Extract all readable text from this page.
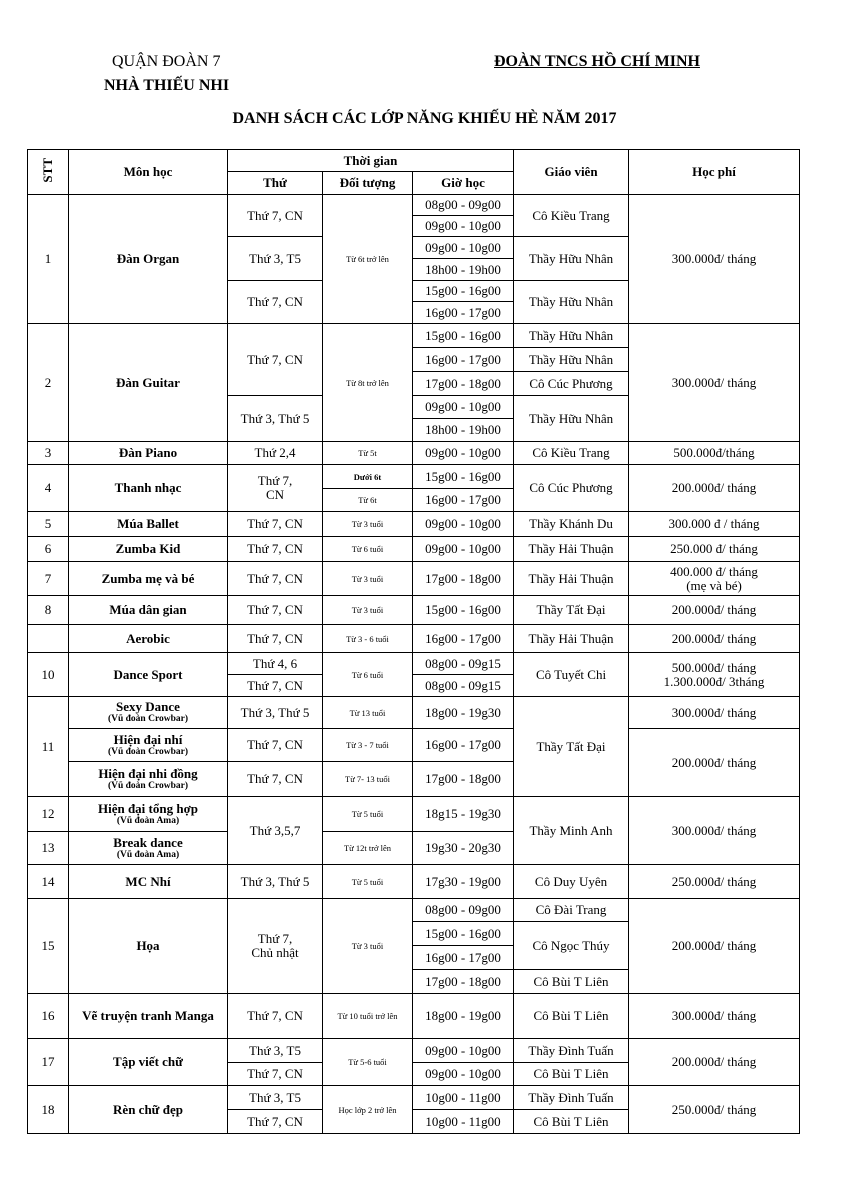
QUẬN ĐOÀN 7
NHÀ THIẾU NHI
ĐOÀN TNCS HỒ CHÍ MINH
DANH SÁCH CÁC LỚP NĂNG KHIẾU HÈ NĂM 2017
STT	Môn học	Thời gian			Giáo viên	Học phí
		Thứ	Đối tượng	Giờ học		
1	Đàn Organ	Thứ 7, CN	Từ 6t trở lên	08g00 - 09g00	Cô Kiều Trang	300.000đ/ tháng
				09g00 - 10g00		
		Thứ 3, T5		09g00 - 10g00	Thầy Hữu Nhân	
				18h00 - 19h00		
		Thứ 7, CN		15g00 - 16g00	Thầy Hữu Nhân	
				16g00 - 17g00		
2	Đàn Guitar	Thứ 7, CN	Từ 8t trở lên	15g00 - 16g00	Thầy Hữu Nhân	300.000đ/ tháng
				16g00 - 17g00	Thầy Hữu Nhân	
				17g00 - 18g00	Cô Cúc Phương	
		Thứ 3, Thứ 5		09g00 - 10g00	Thầy Hữu Nhân	
				18h00 - 19h00		
3	Đàn Piano	Thứ 2,4	Từ 5t	09g00 - 10g00	Cô Kiều Trang	500.000đ/tháng
4	Thanh nhạc	Thứ 7,
CN	Dưới 6t	15g00 - 16g00	Cô Cúc Phương	200.000đ/ tháng
			Từ 6t	16g00 - 17g00		
5	Múa Ballet	Thứ 7, CN	Từ 3 tuổi	09g00 - 10g00	Thầy Khánh Du	300.000 đ / tháng
6	Zumba Kid	Thứ 7, CN	Từ 6 tuổi	09g00 - 10g00	Thầy Hải Thuận	250.000 đ/ tháng
7	Zumba mẹ và bé	Thứ 7, CN	Từ 3 tuổi	17g00 - 18g00	Thầy Hải Thuận	400.000 đ/ tháng
(mẹ và bé)
8	Múa dân gian	Thứ 7, CN	Từ 3 tuổi	15g00 - 16g00	Thầy Tất Đại	200.000đ/ tháng
	Aerobic	Thứ 7, CN	Từ 3 - 6 tuổi	16g00 - 17g00	Thầy Hải Thuận	200.000đ/ tháng
10	Dance Sport	Thứ 4, 6	Từ 6 tuổi	08g00 - 09g15	Cô Tuyết Chi	500.000đ/ tháng
1.300.000đ/ 3tháng
		Thứ 7, CN		08g00 - 09g15		
11	Sexy Dance
(Vũ đoàn Crowbar)	Thứ 3, Thứ 5	Từ 13 tuổi	18g00 - 19g30	Thầy Tất Đại	300.000đ/ tháng
	Hiện đại nhí
(Vũ đoàn Crowbar)	Thứ 7, CN	Từ 3 - 7 tuổi	16g00 - 17g00		200.000đ/ tháng
	Hiện đại nhi đồng
(Vũ đoàn Crowbar)	Thứ 7, CN	Từ 7- 13 tuổi	17g00 - 18g00		
12	Hiện đại tổng hợp
(Vũ đoàn Ama)	Thứ 3,5,7	Từ 5 tuổi	18g15 - 19g30	Thầy Minh Anh	300.000đ/ tháng
13	Break dance
(Vũ đoàn Ama)		Từ 12t trở lên	19g30 - 20g30		
14	MC Nhí	Thứ 3, Thứ 5	Từ 5 tuổi	17g30 - 19g00	Cô Duy Uyên	250.000đ/ tháng
15	Họa	Thứ 7,
Chủ nhật	Từ 3 tuổi	08g00 - 09g00	Cô Đài Trang	200.000đ/ tháng
				15g00 - 16g00	Cô Ngọc Thúy	
				16g00 - 17g00		
				17g00 - 18g00	Cô Bùi T Liên	
16	Vẽ truyện tranh Manga	Thứ 7, CN	Từ 10 tuổi trở lên	18g00 - 19g00	Cô Bùi T Liên	300.000đ/ tháng
17	Tập viết chữ	Thứ 3, T5	Từ 5-6 tuổi	09g00 - 10g00	Thầy Đình Tuấn	200.000đ/ tháng
		Thứ 7, CN		09g00 - 10g00	Cô Bùi T Liên	
18	Rèn chữ đẹp	Thứ 3, T5	Học lớp 2 trở lên	10g00 - 11g00	Thầy Đình Tuấn	250.000đ/ tháng
		Thứ 7, CN		10g00 - 11g00	Cô Bùi T Liên	
